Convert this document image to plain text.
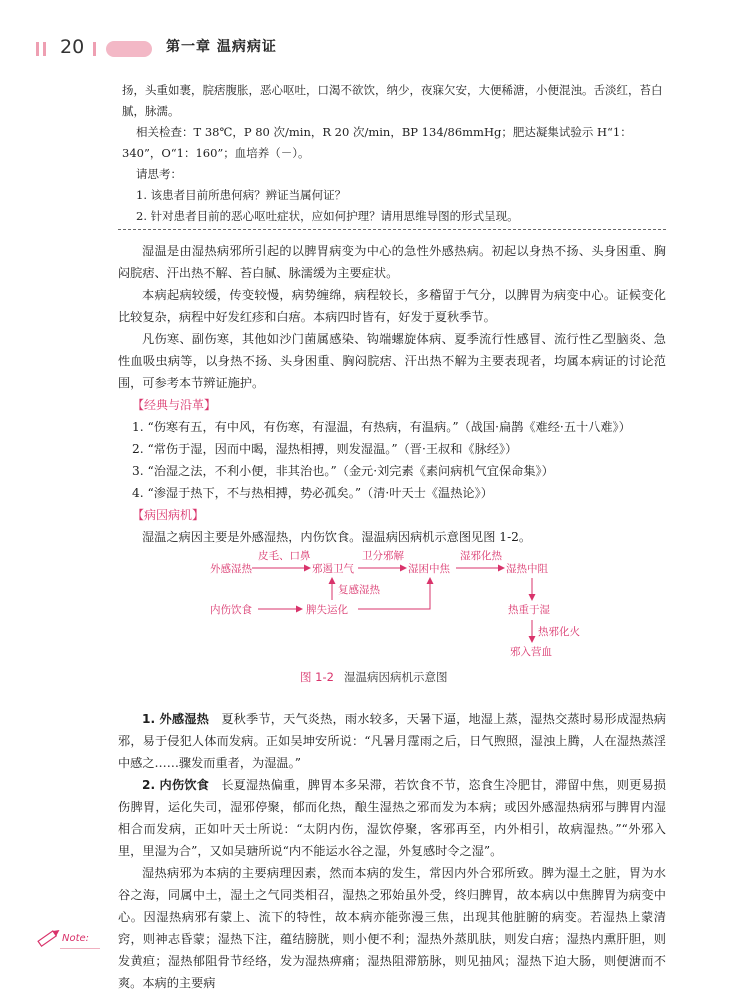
20	第一章 温病病证

扬，头重如裹，脘痞腹胀，恶心呕吐，口渴不欲饮，纳少，夜寐欠安，大便稀溏，小便混浊。舌淡红，苔白腻，脉濡。

相关检查：T 38℃，P 80 次/min，R 20 次/min，BP 134/86mmHg；肥达凝集试验示 H“1：340”，O“1：160”；血培养（－）。

请思考：

1. 该患者目前所患何病？辨证当属何证？

2. 针对患者目前的恶心呕吐症状，应如何护理？请用思维导图的形式呈现。

湿温是由湿热病邪所引起的以脾胃病变为中心的急性外感热病。初起以身热不扬、头身困重、胸闷脘痞、汗出热不解、苔白腻、脉濡缓为主要症状。

本病起病较缓，传变较慢，病势缠绵，病程较长，多稽留于气分，以脾胃为病变中心。证候变化比较复杂，病程中好发红疹和白痦。本病四时皆有，好发于夏秋季节。

凡伤寒、副伤寒，其他如沙门菌属感染、钩端螺旋体病、夏季流行性感冒、流行性乙型脑炎、急性血吸虫病等，以身热不扬、头身困重、胸闷脘痞、汗出热不解为主要表现者，均属本病证的讨论范围，可参考本节辨证施护。

【经典与沿革】

1. “伤寒有五，有中风，有伤寒，有湿温，有热病，有温病。”（战国·扁鹊《难经·五十八难》）

2. “常伤于湿，因而中暍，湿热相搏，则发湿温。”（晋·王叔和《脉经》）

3. “治湿之法，不利小便，非其治也。”（金元·刘完素《素问病机气宜保命集》）

4. “渗湿于热下，不与热相搏，势必孤矣。”（清·叶天士《温热论》）

【病因病机】

湿温之病因主要是外感湿热，内伤饮食。湿温病因病机示意图见图 1-2。

外感湿热	邪遏卫气	湿困中焦	湿热中阻
内伤饮食	脾失运化	热重于湿
邪入营血
皮毛、口鼻	卫分邪解	湿邪化热
复感湿热
热邪化火
图 1-2 湿温病因病机示意图

1. 外感湿热　 夏秋季节，天气炎热，雨水较多，天暑下逼，地湿上蒸，湿热交蒸时易形成湿热病邪，易于侵犯人体而发病。正如吴坤安所说：“凡暑月霪雨之后，日气煦照，湿浊上腾，人在湿热蒸淫中感之……骤发而重者，为湿温。”

2. 内伤饮食　 长夏湿热偏重，脾胃本多呆滞，若饮食不节，恣食生冷肥甘，滞留中焦，则更易损伤脾胃，运化失司，湿邪停聚，郁而化热，酿生湿热之邪而发为本病；或因外感湿热病邪与脾胃内湿相合而发病，正如叶天士所说：“太阴内伤，湿饮停聚，客邪再至，内外相引，故病湿热。”“外邪入里，里湿为合”，又如吴瑭所说“内不能运水谷之湿，外复感时令之湿”。

湿热病邪为本病的主要病理因素，然而本病的发生，常因内外合邪所致。脾为湿土之脏，胃为水谷之海，同属中土，湿土之气同类相召，湿热之邪始虽外受，终归脾胃，故本病以中焦脾胃为病变中心。因湿热病邪有蒙上、流下的特性，故本病亦能弥漫三焦，出现其他脏腑的病变。若湿热上蒙清窍，则神志昏蒙；湿热下注，蕴结膀胱，则小便不利；湿热外蒸肌肤，则发白痦；湿热内熏肝胆，则发黄疸；湿热郁阻骨节经络，发为湿热痹痛；湿热阻滞筋脉，则见抽风；湿热下迫大肠，则便溏而不爽。本病的主要病

Note:
